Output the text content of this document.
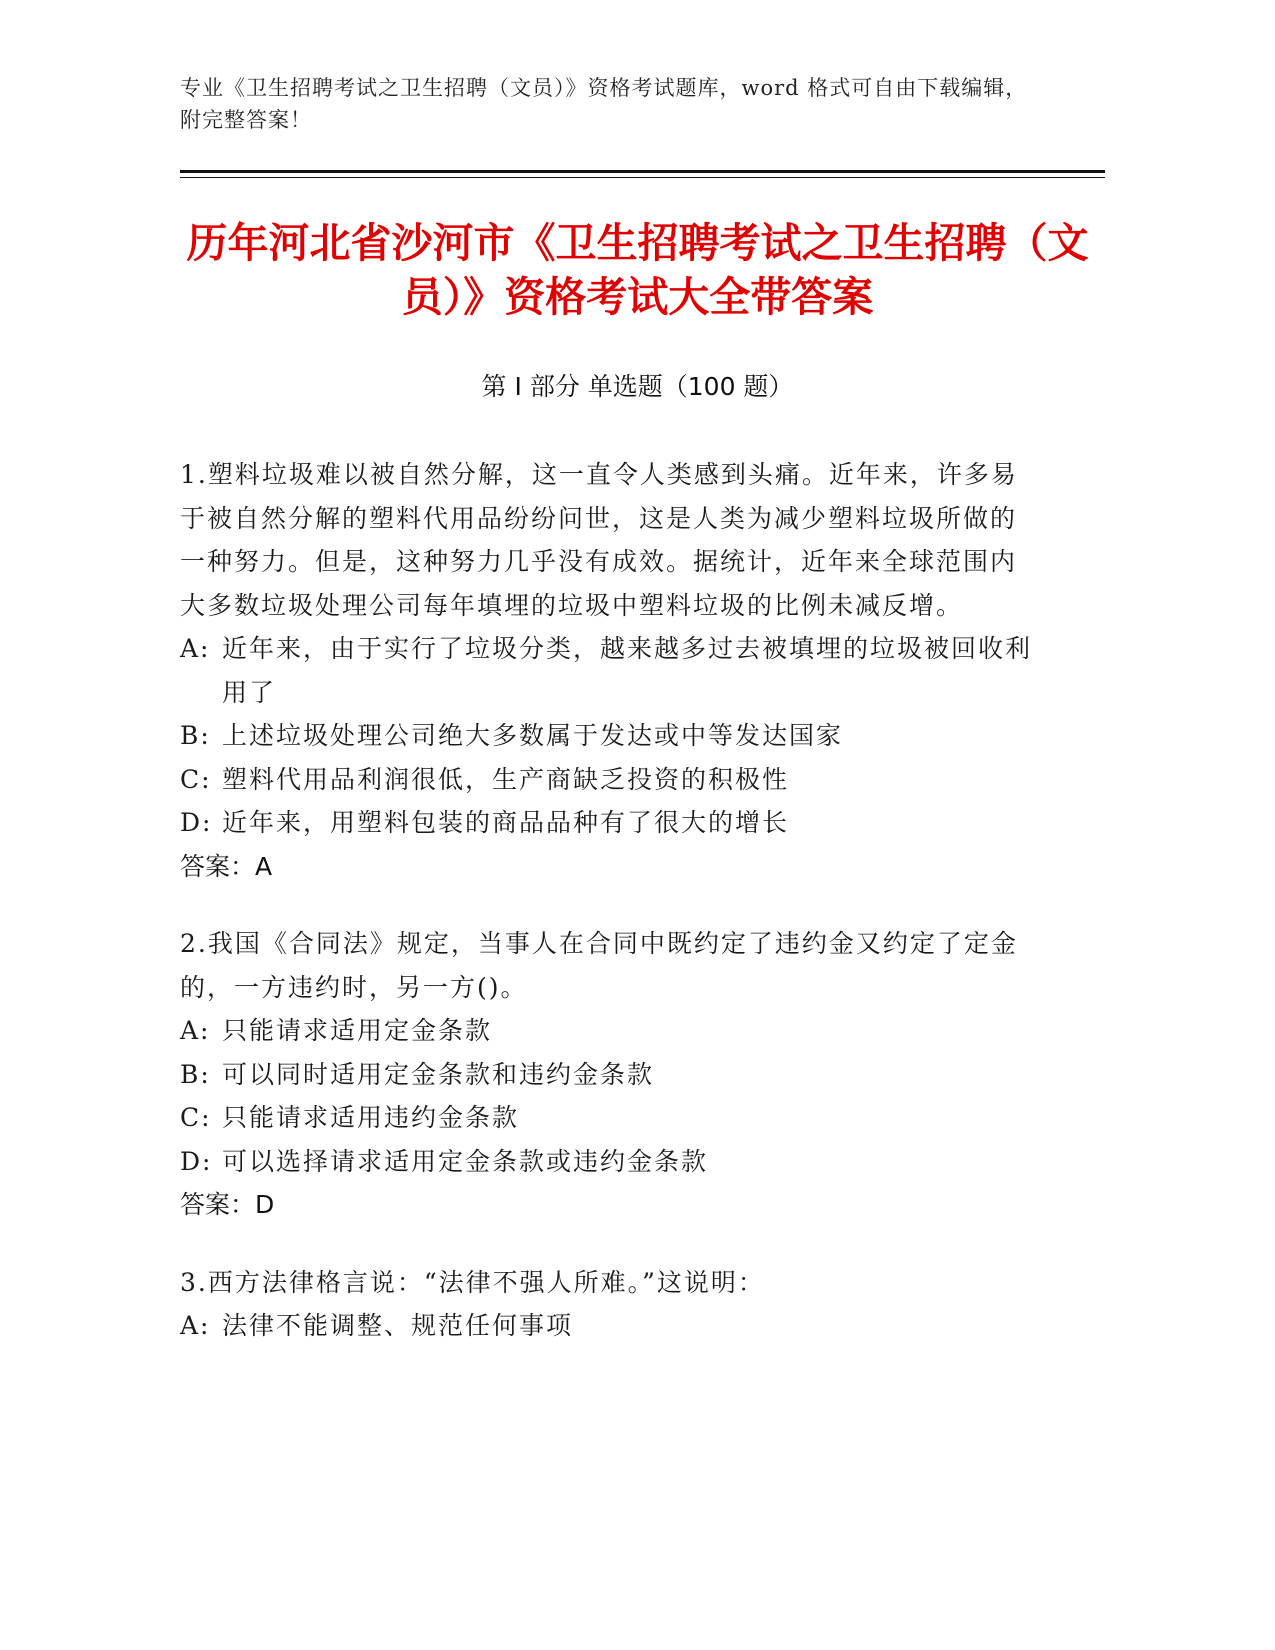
专业《卫生招聘考试之卫生招聘（文员）》资格考试题库，word 格式可自由下载编辑，附完整答案！
历年河北省沙河市《卫生招聘考试之卫生招聘（文员）》资格考试大全带答案
第 I 部分 单选题（100 题）
1.塑料垃圾难以被自然分解，这一直令人类感到头痛。近年来，许多易于被自然分解的塑料代用品纷纷问世，这是人类为减少塑料垃圾所做的一种努力。但是，这种努力几乎没有成效。据统计，近年来全球范围内大多数垃圾处理公司每年填埋的垃圾中塑料垃圾的比例未减反增。
A: 近年来，由于实行了垃圾分类，越来越多过去被填埋的垃圾被回收利用了
B: 上述垃圾处理公司绝大多数属于发达或中等发达国家
C: 塑料代用品利润很低，生产商缺乏投资的积极性
D: 近年来，用塑料包装的商品品种有了很大的增长
答案：A
2.我国《合同法》规定，当事人在合同中既约定了违约金又约定了定金的，一方违约时，另一方()。
A: 只能请求适用定金条款
B: 可以同时适用定金条款和违约金条款
C: 只能请求适用违约金条款
D: 可以选择请求适用定金条款或违约金条款
答案：D
3.西方法律格言说：“法律不强人所难。”这说明：
A: 法律不能调整、规范任何事项
